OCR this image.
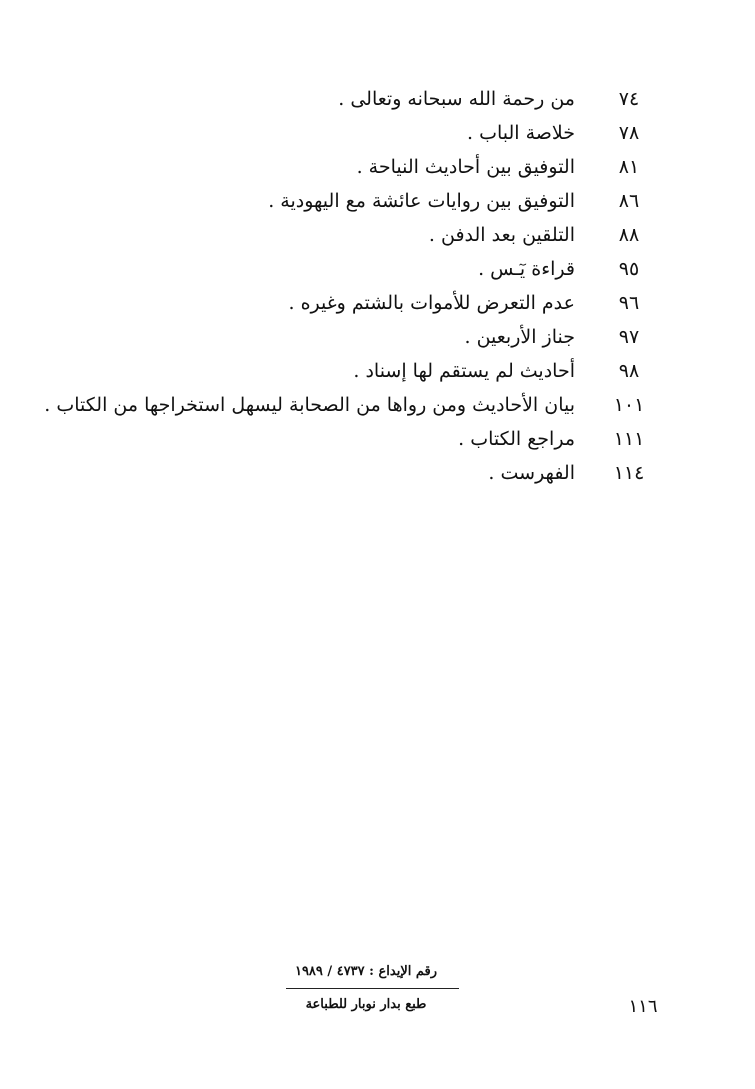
٧٤
من رحمة الله سبحانه وتعالى .
٧٨
خلاصة الباب .
٨١
التوفيق بين أحاديث النياحة .
٨٦
التوفيق بين روايات عائشة مع اليهودية .
٨٨
التلقين بعد الدفن .
٩٥
قراءة يٓـس .
٩٦
عدم التعرض للأموات بالشتم وغيره .
٩٧
جناز الأربعين .
٩٨
أحاديث لم يستقم لها إسناد .
١٠١
بيان الأحاديث ومن رواها من الصحابة ليسهل استخراجها من الكتاب .
١١١
مراجع الكتاب .
١١٤
الفهرست .
رقم الإيداع : ٤٧٣٧ / ١٩٨٩
طبع بدار نوبار للطباعة	١١٦
